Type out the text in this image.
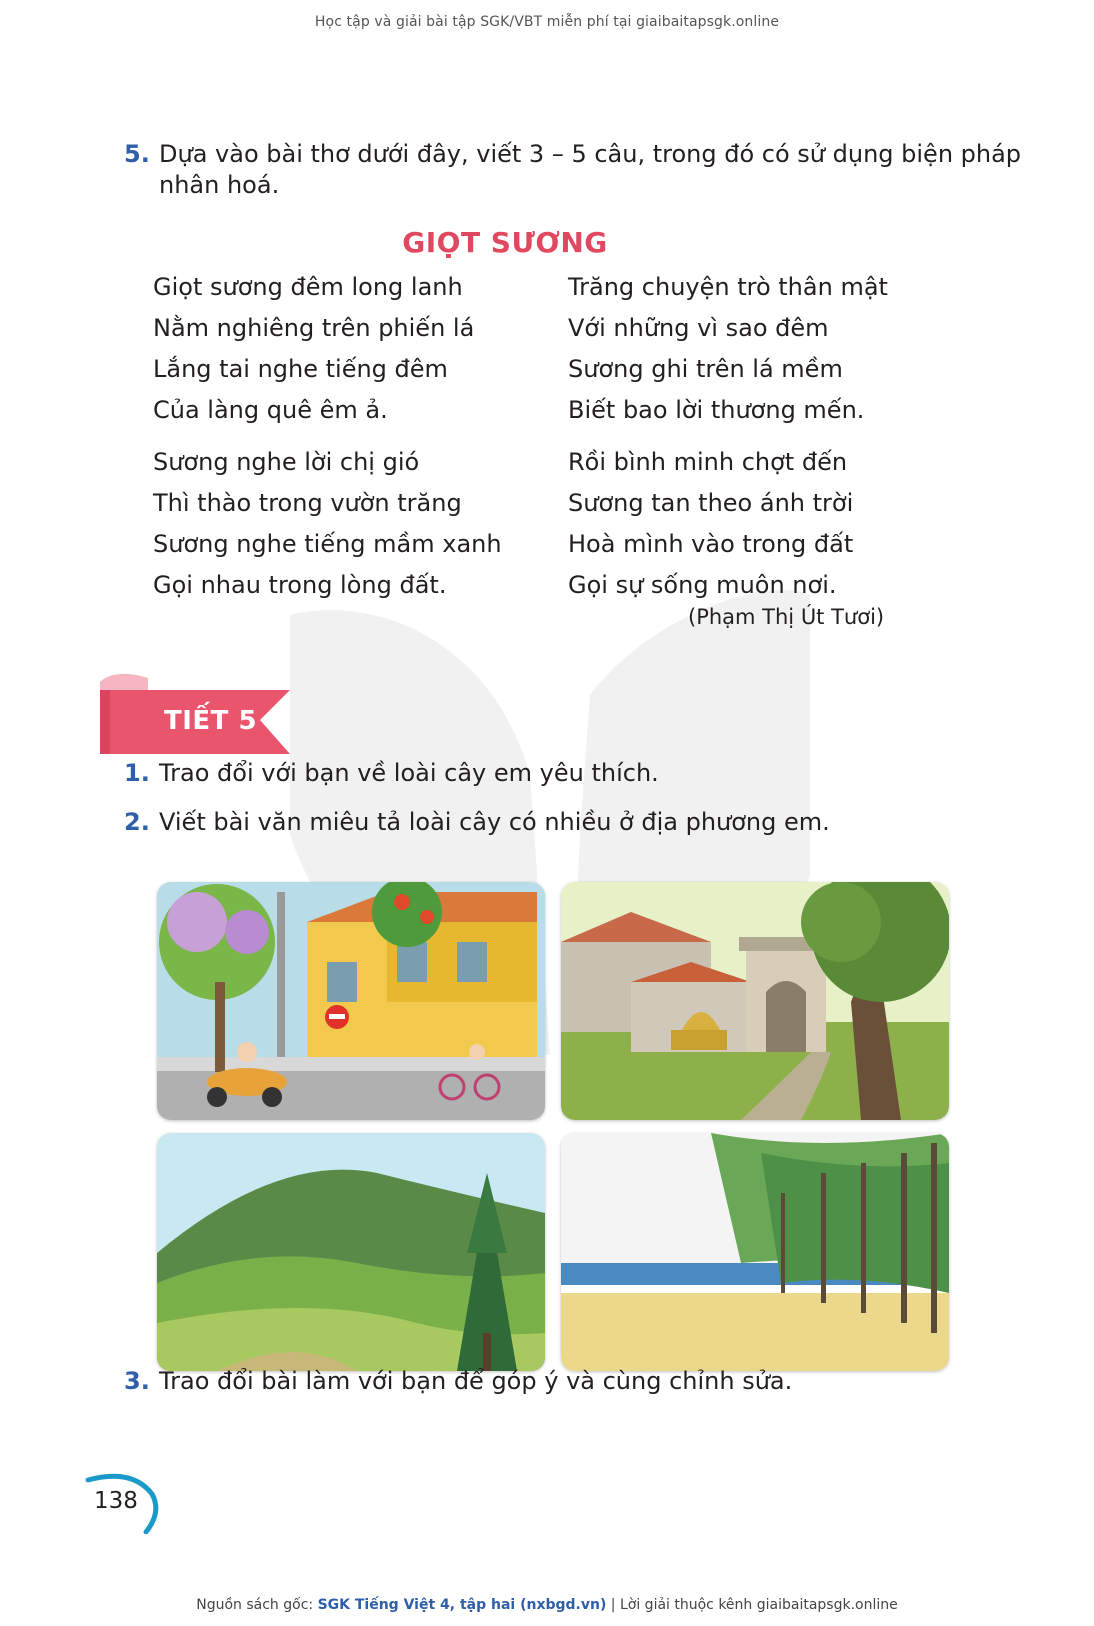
Học tập và giải bài tập SGK/VBT miễn phí tại giaibaitapsgk.online
5. Dựa vào bài thơ dưới đây, viết 3 – 5 câu, trong đó có sử dụng biện pháp
nhân hoá.
GIỌT SƯƠNG
Giọt sương đêm long lanh
Nằm nghiêng trên phiến lá
Lắng tai nghe tiếng đêm
Của làng quê êm ả.
Trăng chuyện trò thân mật
Với những vì sao đêm
Sương ghi trên lá mềm
Biết bao lời thương mến.
Sương nghe lời chị gió
Thì thào trong vườn trăng
Sương nghe tiếng mầm xanh
Gọi nhau trong lòng đất.
Rồi bình minh chợt đến
Sương tan theo ánh trời
Hoà mình vào trong đất
Gọi sự sống muôn nơi.
(Phạm Thị Út Tươi)
TIẾT 5
1. Trao đổi với bạn về loài cây em yêu thích.
2. Viết bài văn miêu tả loài cây có nhiều ở địa phương em.
3. Trao đổi bài làm với bạn để góp ý và cùng chỉnh sửa.
138
Nguồn sách gốc: SGK Tiếng Việt 4, tập hai (nxbgd.vn) | Lời giải thuộc kênh giaibaitapsgk.online
